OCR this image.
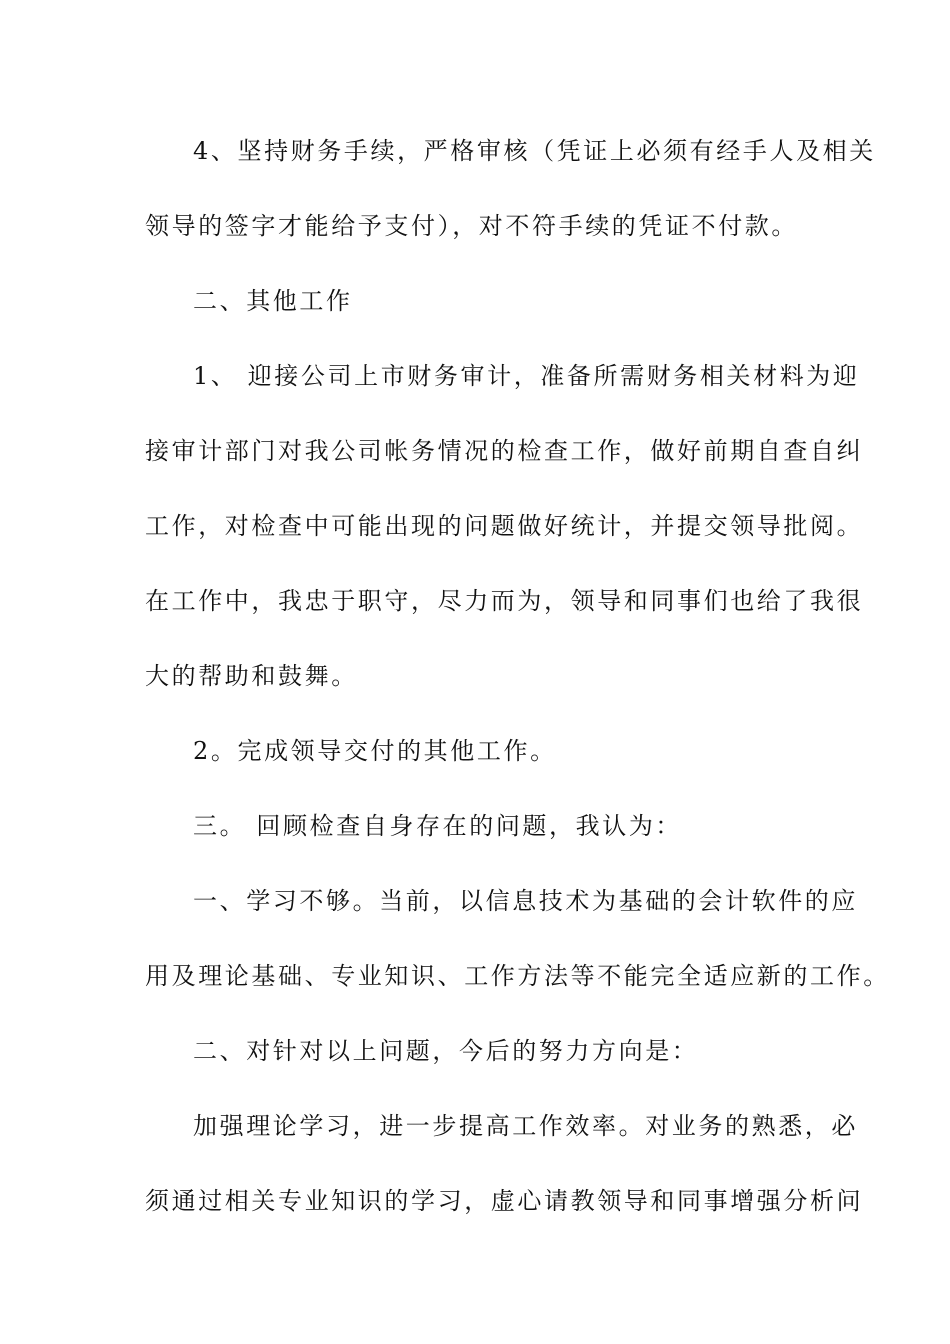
4、坚持财务手续，严格审核（凭证上必须有经手人及相关
领导的签字才能给予支付），对不符手续的凭证不付款。
二、其他工作
1、 迎接公司上市财务审计，准备所需财务相关材料为迎
接审计部门对我公司帐务情况的检查工作，做好前期自查自纠
工作，对检查中可能出现的问题做好统计，并提交领导批阅。
在工作中，我忠于职守，尽力而为，领导和同事们也给了我很
大的帮助和鼓舞。
2。完成领导交付的其他工作。
三。 回顾检查自身存在的问题，我认为：
一、学习不够。当前，以信息技术为基础的会计软件的应
用及理论基础、专业知识、工作方法等不能完全适应新的工作。
二、对针对以上问题，今后的努力方向是：
加强理论学习，进一步提高工作效率。对业务的熟悉，必
须通过相关专业知识的学习，虚心请教领导和同事增强分析问
